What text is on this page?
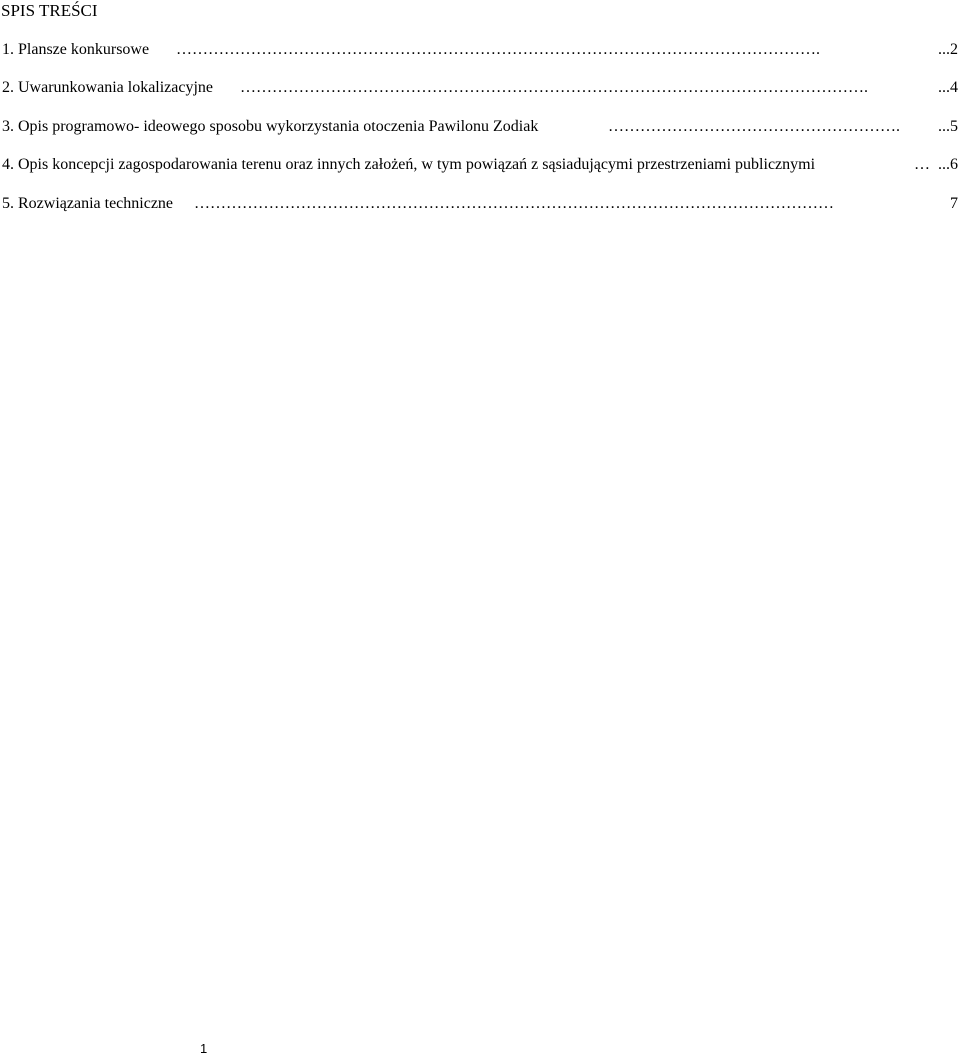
SPIS TREŚCI
………………………………………………………………………………………………………….
1. Plansze konkursowe	...2
……………………………………………………………………………………………………….
2. Uwarunkowania lokalizacyjne	...4
……………………………………………….
3. Opis programowo- ideowego sposobu wykorzystania otoczenia Pawilonu Zodiak	...5
…
4. Opis koncepcji zagospodarowania terenu oraz innych założeń, w tym powiązań z sąsiadującymi przestrzeniami publicznymi	...6
…………………………………………………………………………………………………………
5. Rozwiązania techniczne	7
1
